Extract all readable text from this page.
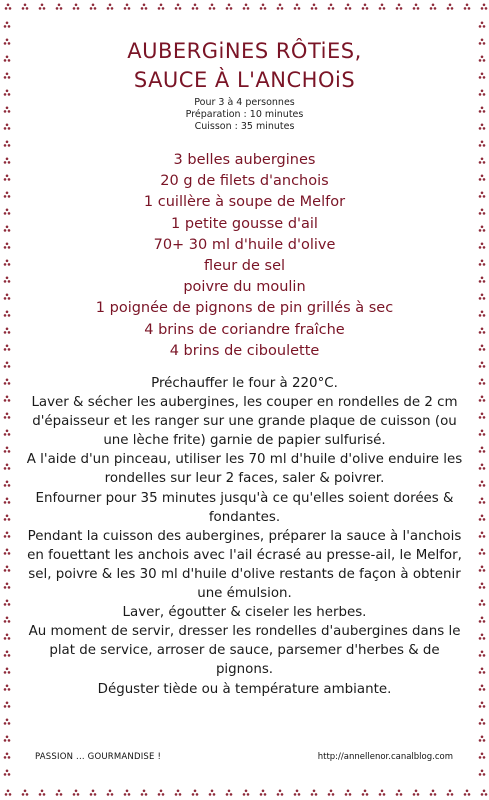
AUBERGiNES RÔTiES,
SAUCE À L'ANCHOiS
Pour 3 à 4 personnes
Préparation : 10 minutes
Cuisson : 35 minutes
3 belles aubergines
20 g de filets d'anchois
1 cuillère à soupe de Melfor
1 petite gousse d'ail
70+ 30 ml d'huile d'olive
fleur de sel
poivre du moulin
1 poignée de pignons de pin grillés à sec
4 brins de coriandre fraîche
4 brins de ciboulette

Préchauffer le four à 220°C.

Laver & sécher les aubergines, les couper en rondelles de 2 cm d'épaisseur et les ranger sur une grande plaque de cuisson (ou une lèche frite) garnie de papier sulfurisé.

A l'aide d'un pinceau, utiliser les 70 ml d'huile d'olive enduire les rondelles sur leur 2 faces, saler & poivrer.

Enfourner pour 35 minutes jusqu'à ce qu'elles soient dorées & fondantes.

Pendant la cuisson des aubergines, préparer la sauce à l'anchois en fouettant les anchois avec l'ail écrasé au presse-ail, le Melfor, sel, poivre & les 30 ml d'huile d'olive restants de façon à obtenir une émulsion.

Laver, égoutter & ciseler les herbes.

Au moment de servir, dresser les rondelles d'aubergines dans le plat de service, arroser de sauce, parsemer d'herbes & de pignons.

Déguster tiède ou à température ambiante.

PASSION ... GOURMANDISE !	http://annellenor.canalblog.com
